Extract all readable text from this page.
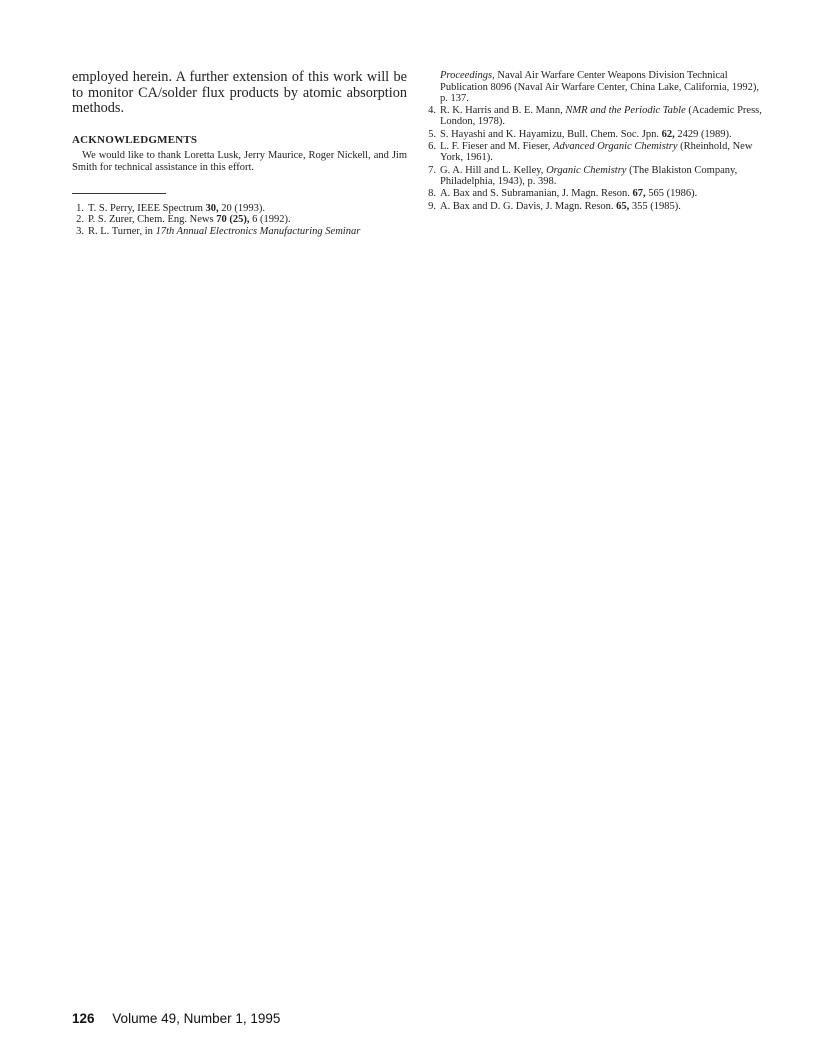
employed herein. A further extension of this work will be to monitor CA/solder flux products by atomic absorption methods.

ACKNOWLEDGMENTS

We would like to thank Loretta Lusk, Jerry Maurice, Roger Nickell, and Jim Smith for technical assistance in this effort.

1. T. S. Perry, IEEE Spectrum 30, 20 (1993).
2. P. S. Zurer, Chem. Eng. News 70 (25), 6 (1992).
3. R. L. Turner, in 17th Annual Electronics Manufacturing Seminar
Proceedings, Naval Air Warfare Center Weapons Division Technical Publication 8096 (Naval Air Warfare Center, China Lake, California, 1992), p. 137.
4. R. K. Harris and B. E. Mann, NMR and the Periodic Table (Academic Press, London, 1978).
5. S. Hayashi and K. Hayamizu, Bull. Chem. Soc. Jpn. 62, 2429 (1989).
6. L. F. Fieser and M. Fieser, Advanced Organic Chemistry (Rheinhold, New York, 1961).
7. G. A. Hill and L. Kelley, Organic Chemistry (The Blakiston Company, Philadelphia, 1943), p. 398.
8. A. Bax and S. Subramanian, J. Magn. Reson. 67, 565 (1986).
9. A. Bax and D. G. Davis, J. Magn. Reson. 65, 355 (1985).
126 Volume 49, Number 1, 1995
